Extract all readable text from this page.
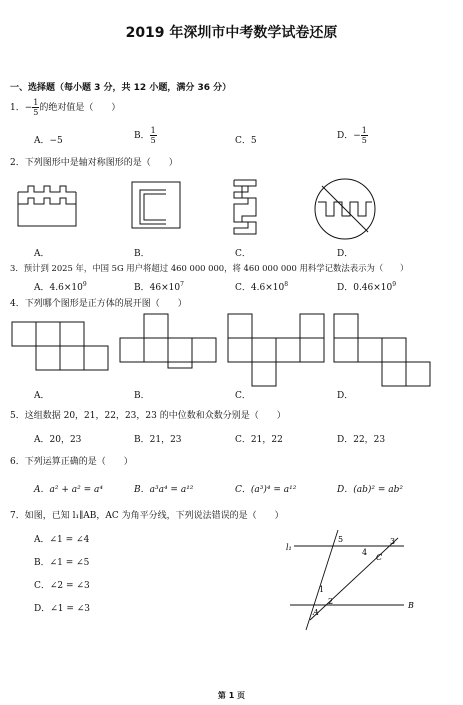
2019 年深圳市中考数学试卷还原
一、选择题（每小题 3 分，共 12 小题，满分 36 分）
1．− $\frac{1}{5}$ 的绝对值是（　　）
A．−5	B． $\frac{1}{5}$	C．5	D．− $\frac{1}{5}$
2．下列图形中是轴对称图形的是（　　）
A．	B．	C．	D．
3．预计到 2025 年，中国 5G 用户将超过 460 000 000，将 460 000 000 用科学记数法表示为（　　）
A．$4.6\times 10^9$	B．$46\times 10^7$	C．$4.6\times 10^8$	D．$0.46\times 10^9$
4．下列哪个图形是正方体的展开图（　　）
A．	B．	C．	D．
5．这组数据 20，21，22，23，23 的中位数和众数分别是（　　）
A．20，23	B．21，23	C．21，22	D．22，23
6．下列运算正确的是（　　）
A．a² + a² = a⁴	B．a³a⁴ = a¹²	C．(a³)⁴ = a¹²	D．(ab)² = ab²
7．如图，已知 l₁∥AB，AC 为角平分线，下列说法错误的是（　　）
A．∠1 = ∠4
B．∠1 = ∠5
C．∠2 = ∠3
D．∠1 = ∠3
l₁
5
4
3
C
1
2
A
B
第 1 页
